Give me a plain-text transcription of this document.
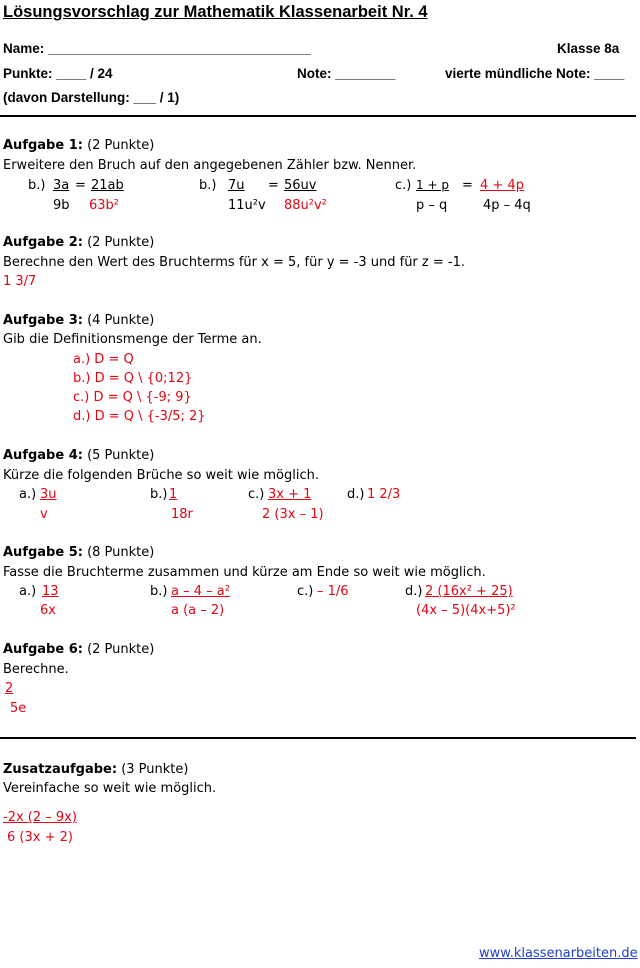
Lösungsvorschlag zur Mathematik Klassenarbeit Nr. 4
Name: ___________________________________	Klasse 8a
Punkte: ____ / 24	Note: ________	vierte mündliche Note: ____
(davon Darstellung: ___ / 1)
Aufgabe 1: (2 Punkte)
Erweitere den Bruch auf den angegebenen Zähler bzw. Nenner.
b.) 3a = 21ab
9b 63b²
b.) 7u	= 56uv
11u²v 88u²v²
c.) 1 + p = 4 + 4p
p – q	4p – 4q
Aufgabe 2: (2 Punkte)
Berechne den Wert des Bruchterms für x = 5, für y = -3 und für z = -1.
1 3/7
Aufgabe 3: (4 Punkte)
Gib die Definitionsmenge der Terme an.
a.) D = Q
b.) D = Q \ {0;12}
c.) D = Q \ {-9; 9}
d.) D = Q \ {-3/5; 2}
Aufgabe 4: (5 Punkte)
Kürze die folgenden Brüche so weit wie möglich.
a.) 3u
v
b.) 1
18r
c.) 3x + 1
2 (3x – 1)
d.) 1 2/3
Aufgabe 5: (8 Punkte)
Fasse die Bruchterme zusammen und kürze am Ende so weit wie möglich.
a.) 13
6x
b.) a – 4 – a²
a (a – 2)
c.) – 1/6	d.) 2 (16x² + 25)
(4x – 5)(4x+5)²
Aufgabe 6: (2 Punkte)
Berechne.
2
5e
Zusatzaufgabe: (3 Punkte)
Vereinfache so weit wie möglich.
-2x (2 – 9x)
6 (3x + 2)
www.klassenarbeiten.de
